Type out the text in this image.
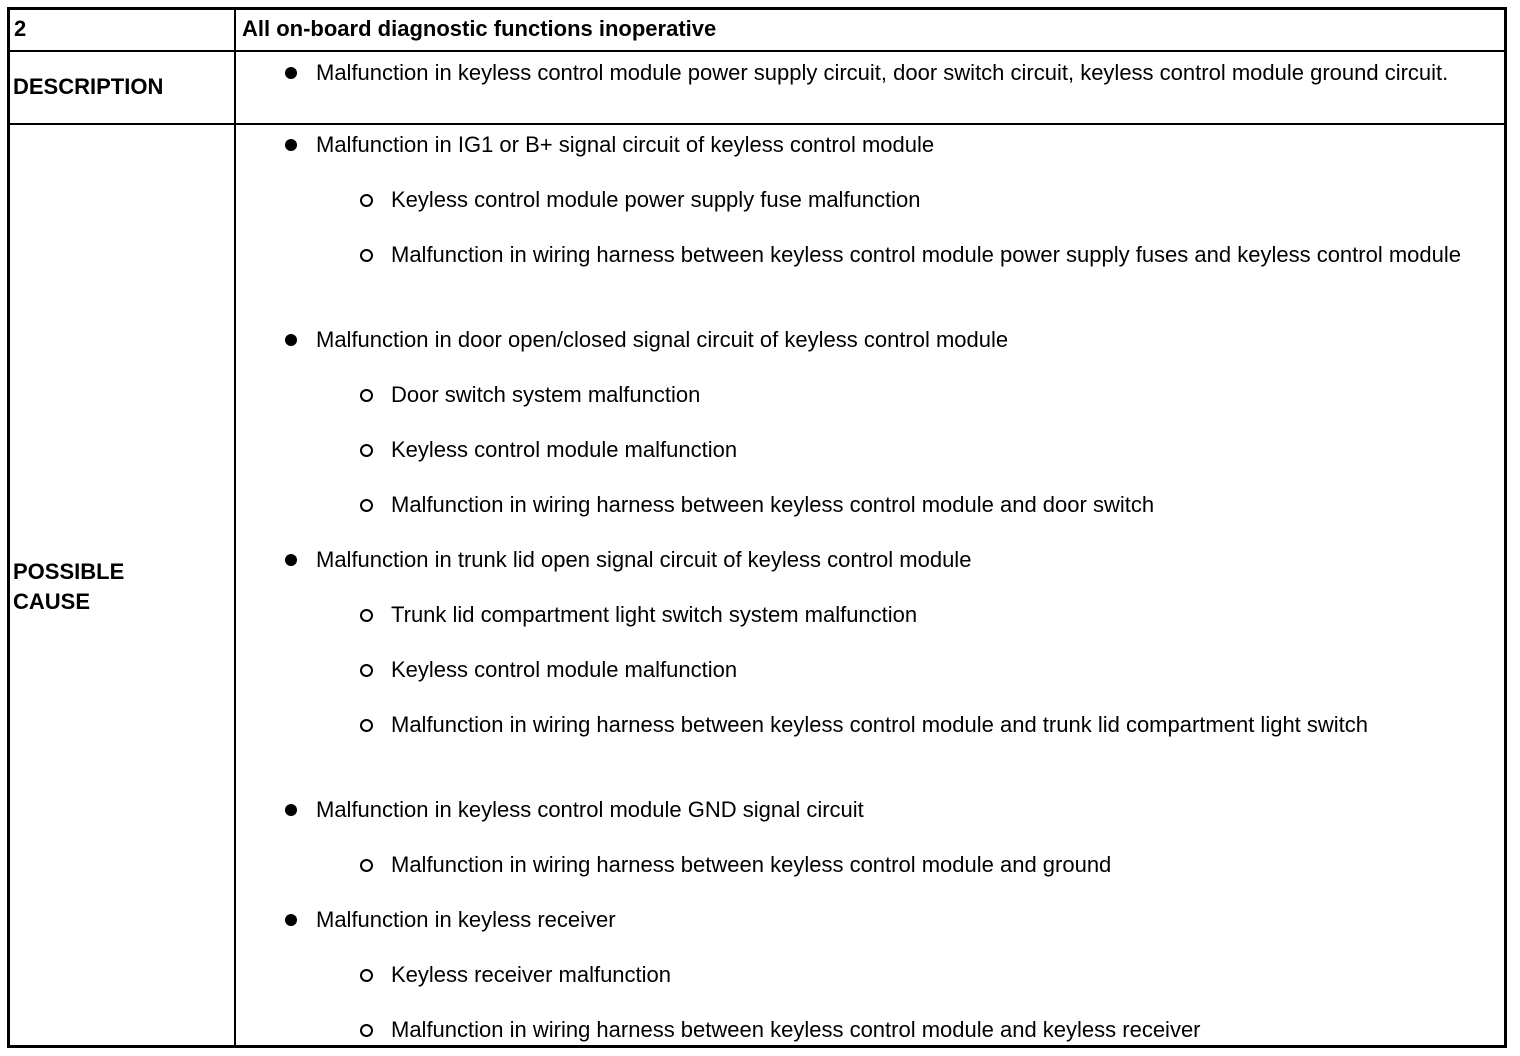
2	All on-board diagnostic functions inoperative
DESCRIPTION
Malfunction in keyless control module power supply circuit, door switch circuit, keyless control module ground circuit.
POSSIBLE
CAUSE
Malfunction in IG1 or B+ signal circuit of keyless control module
Keyless control module power supply fuse malfunction
Malfunction in wiring harness between keyless control module power supply fuses and keyless control module
Malfunction in door open/closed signal circuit of keyless control module
Door switch system malfunction
Keyless control module malfunction
Malfunction in wiring harness between keyless control module and door switch
Malfunction in trunk lid open signal circuit of keyless control module
Trunk lid compartment light switch system malfunction
Keyless control module malfunction
Malfunction in wiring harness between keyless control module and trunk lid compartment light switch
Malfunction in keyless control module GND signal circuit
Malfunction in wiring harness between keyless control module and ground
Malfunction in keyless receiver
Keyless receiver malfunction
Malfunction in wiring harness between keyless control module and keyless receiver
